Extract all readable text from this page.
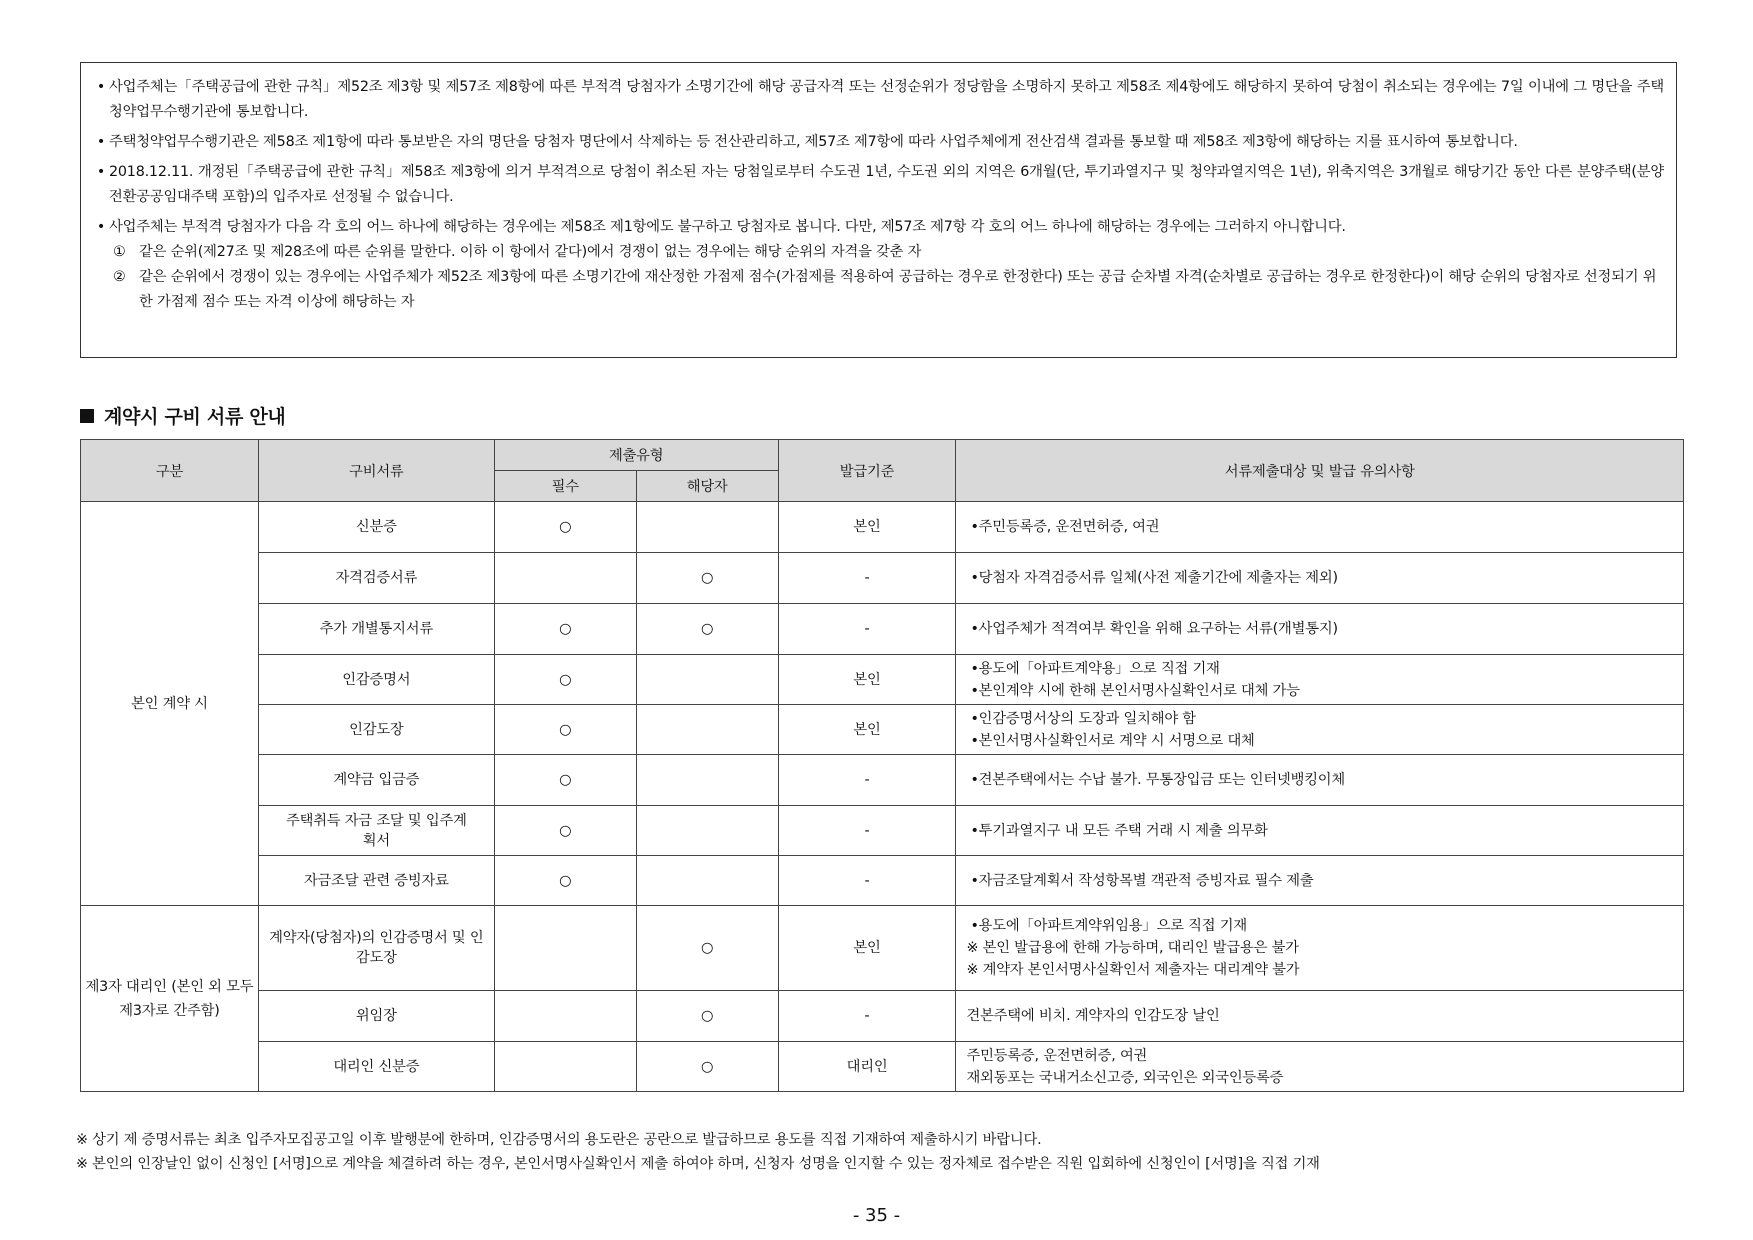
• 사업주체는「주택공급에 관한 규칙」제52조 제3항 및 제57조 제8항에 따른 부적격 당첨자가 소명기간에 해당 공급자격 또는 선정순위가 정당함을 소명하지 못하고 제58조 제4항에도 해당하지 못하여 당첨이 취소되는 경우에는 7일 이내에 그 명단을 주택청약업무수행기관에 통보합니다.
• 주택청약업무수행기관은 제58조 제1항에 따라 통보받은 자의 명단을 당첨자 명단에서 삭제하는 등 전산관리하고, 제57조 제7항에 따라 사업주체에게 전산검색 결과를 통보할 때 제58조 제3항에 해당하는 지를 표시하여 통보합니다.
• 2018.12.11. 개정된「주택공급에 관한 규칙」제58조 제3항에 의거 부적격으로 당첨이 취소된 자는 당첨일로부터 수도권 1년, 수도권 외의 지역은 6개월(단, 투기과열지구 및 청약과열지역은 1년), 위축지역은 3개월로 해당기간 동안 다른 분양주택(분양전환공공임대주택 포함)의 입주자로 선정될 수 없습니다.
• 사업주체는 부적격 당첨자가 다음 각 호의 어느 하나에 해당하는 경우에는 제58조 제1항에도 불구하고 당첨자로 봅니다. 다만, 제57조 제7항 각 호의 어느 하나에 해당하는 경우에는 그러하지 아니합니다.
① 같은 순위(제27조 및 제28조에 따른 순위를 말한다. 이하 이 항에서 같다)에서 경쟁이 없는 경우에는 해당 순위의 자격을 갖춘 자
② 같은 순위에서 경쟁이 있는 경우에는 사업주체가 제52조 제3항에 따른 소명기간에 재산정한 가점제 점수(가점제를 적용하여 공급하는 경우로 한정한다) 또는 공급 순차별 자격(순차별로 공급하는 경우로 한정한다)이 해당 순위의 당첨자로 선정되기 위한 가점제 점수 또는 자격 이상에 해당하는 자
계약시 구비 서류 안내
구분	구비서류	제출유형		발급기준	서류제출대상 및 발급 유의사항
		필수	해당자		
본인 계약 시	신분증	○		본인	•주민등록증, 운전면허증, 여권

	자격검증서류		○	-	•당첨자 자격검증서류 일체(사전 제출기간에 제출자는 제외)

	추가 개별통지서류	○	○	-	•사업주체가 적격여부 확인을 위해 요구하는 서류(개별통지)

	인감증명서	○		본인	•용도에「아파트계약용」으로 직접 기재
•본인계약 시에 한해 본인서명사실확인서로 대체 가능

	인감도장	○		본인	•인감증명서상의 도장과 일치해야 함
•본인서명사실확인서로 계약 시 서명으로 대체

	계약금 입금증	○		-	•견본주택에서는 수납 불가. 무통장입금 또는 인터넷뱅킹이체

	주택취득 자금 조달 및 입주계획서	○		-	•투기과열지구 내 모든 주택 거래 시 제출 의무화

	자금조달 관련 증빙자료	○		-	•자금조달계획서 작성항목별 객관적 증빙자료 필수 제출

제3자 대리인 (본인 외 모두 제3자로 간주함)	계약자(당첨자)의 인감증명서 및 인감도장		○	본인	•용도에「아파트계약위임용」으로 직접 기재
※ 본인 발급용에 한해 가능하며, 대리인 발급용은 불가
※ 계약자 본인서명사실확인서 제출자는 대리계약 불가

	위임장		○	-	견본주택에 비치. 계약자의 인감도장 날인

	대리인 신분증		○	대리인	주민등록증, 운전면허증, 여권
재외동포는 국내거소신고증, 외국인은 외국인등록증
※ 상기 제 증명서류는 최초 입주자모집공고일 이후 발행분에 한하며, 인감증명서의 용도란은 공란으로 발급하므로 용도를 직접 기재하여 제출하시기 바랍니다.
※ 본인의 인장날인 없이 신청인 [서명]으로 계약을 체결하려 하는 경우, 본인서명사실확인서 제출 하여야 하며, 신청자 성명을 인지할 수 있는 정자체로 접수받은 직원 입회하에 신청인이 [서명]을 직접 기재
- 35 -
